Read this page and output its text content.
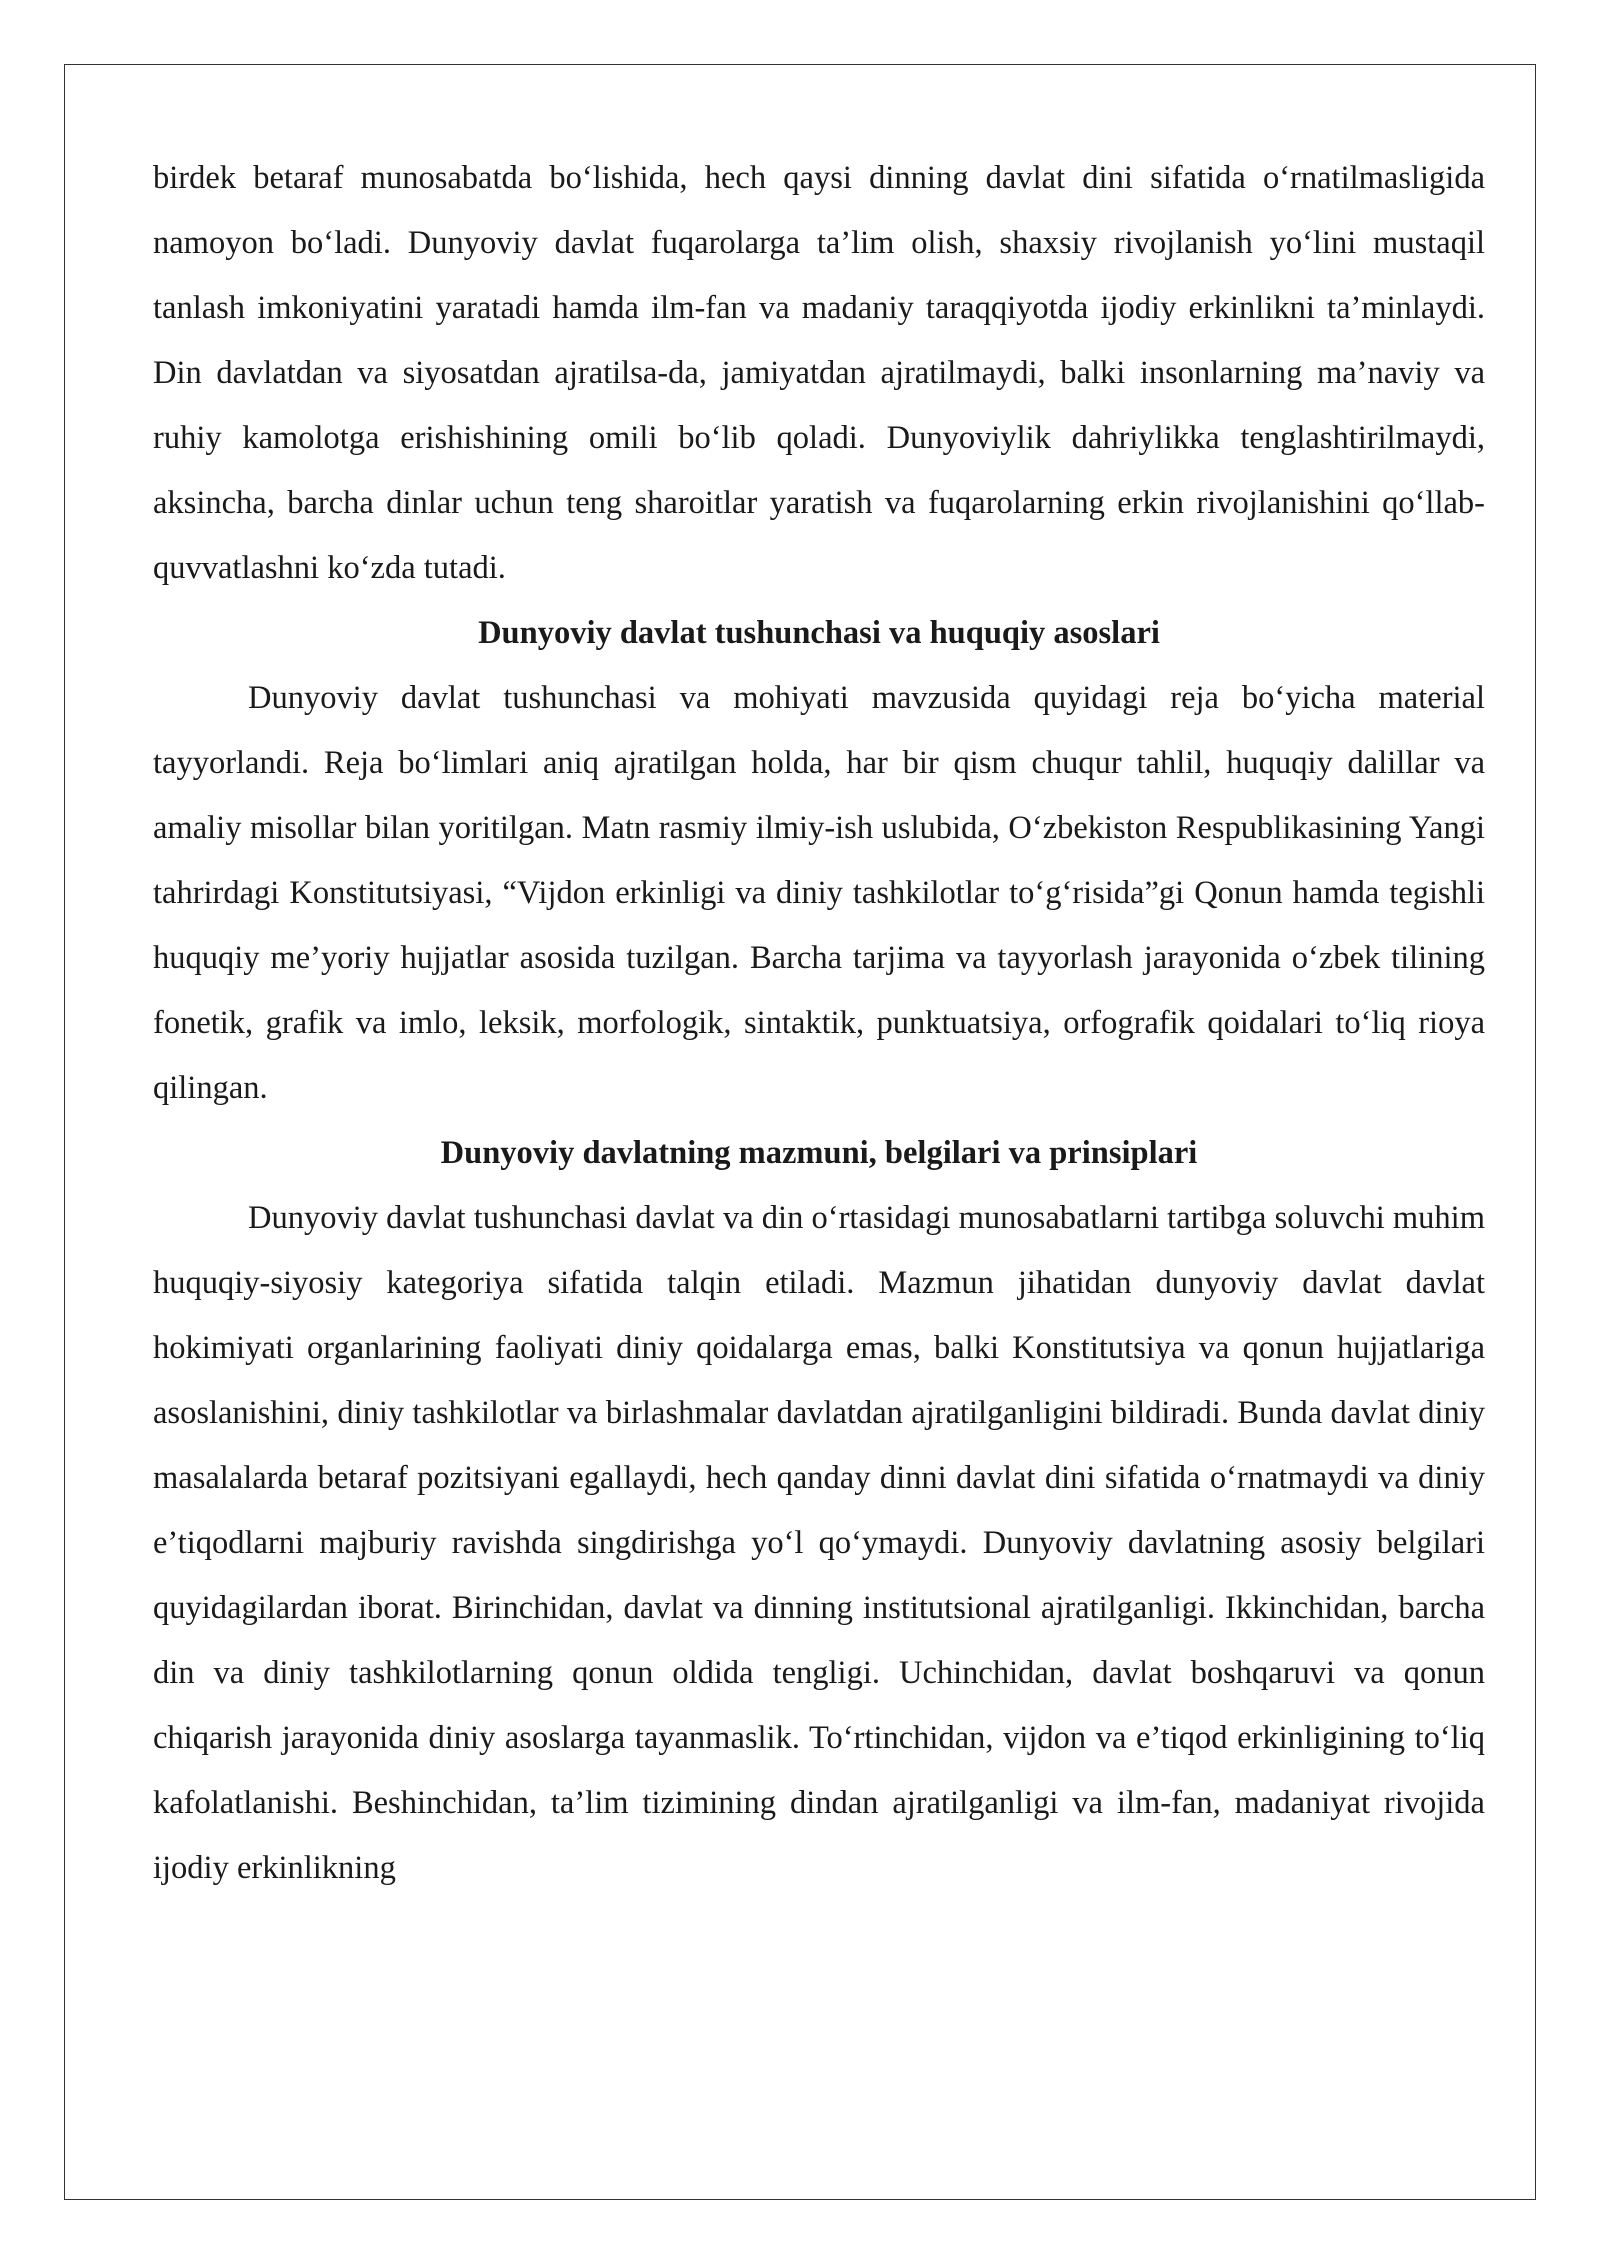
birdek betaraf munosabatda bo‘lishida, hech qaysi dinning davlat dini sifatida o‘rnatilmasligida namoyon bo‘ladi. Dunyoviy davlat fuqarolarga ta’lim olish, shaxsiy rivojlanish yo‘lini mustaqil tanlash imkoniyatini yaratadi hamda ilm-fan va madaniy taraqqiyotda ijodiy erkinlikni ta’minlaydi. Din davlatdan va siyosatdan ajratilsa-da, jamiyatdan ajratilmaydi, balki insonlarning ma’naviy va ruhiy kamolotga erishishining omili bo‘lib qoladi. Dunyoviylik dahriylikka tenglashtirilmaydi, aksincha, barcha dinlar uchun teng sharoitlar yaratish va fuqarolarning erkin rivojlanishini qo‘llab-quvvatlashni ko‘zda tutadi.

Dunyoviy davlat tushunchasi va huquqiy asoslari

Dunyoviy davlat tushunchasi va mohiyati mavzusida quyidagi reja bo‘yicha material tayyorlandi. Reja bo‘limlari aniq ajratilgan holda, har bir qism chuqur tahlil, huquqiy dalillar va amaliy misollar bilan yoritilgan. Matn rasmiy ilmiy-ish uslubida, O‘zbekiston Respublikasining Yangi tahrirdagi Konstitutsiyasi, “Vijdon erkinligi va diniy tashkilotlar to‘g‘risida”gi Qonun hamda tegishli huquqiy me’yoriy hujjatlar asosida tuzilgan. Barcha tarjima va tayyorlash jarayonida o‘zbek tilining fonetik, grafik va imlo, leksik, morfologik, sintaktik, punktuatsiya, orfografik qoidalari to‘liq rioya qilingan.

Dunyoviy davlatning mazmuni, belgilari va prinsiplari

Dunyoviy davlat tushunchasi davlat va din o‘rtasidagi munosabatlarni tartibga soluvchi muhim huquqiy-siyosiy kategoriya sifatida talqin etiladi. Mazmun jihatidan dunyoviy davlat davlat hokimiyati organlarining faoliyati diniy qoidalarga emas, balki Konstitutsiya va qonun hujjatlariga asoslanishini, diniy tashkilotlar va birlashmalar davlatdan ajratilganligini bildiradi. Bunda davlat diniy masalalarda betaraf pozitsiyani egallaydi, hech qanday dinni davlat dini sifatida o‘rnatmaydi va diniy e’tiqodlarni majburiy ravishda singdirishga yo‘l qo‘ymaydi. Dunyoviy davlatning asosiy belgilari quyidagilardan iborat. Birinchidan, davlat va dinning institutsional ajratilganligi. Ikkinchidan, barcha din va diniy tashkilotlarning qonun oldida tengligi. Uchinchidan, davlat boshqaruvi va qonun chiqarish jarayonida diniy asoslarga tayanmaslik. To‘rtinchidan, vijdon va e’tiqod erkinligining to‘liq kafolatlanishi. Beshinchidan, ta’lim tizimining dindan ajratilganligi va ilm-fan, madaniyat rivojida ijodiy erkinlikning
